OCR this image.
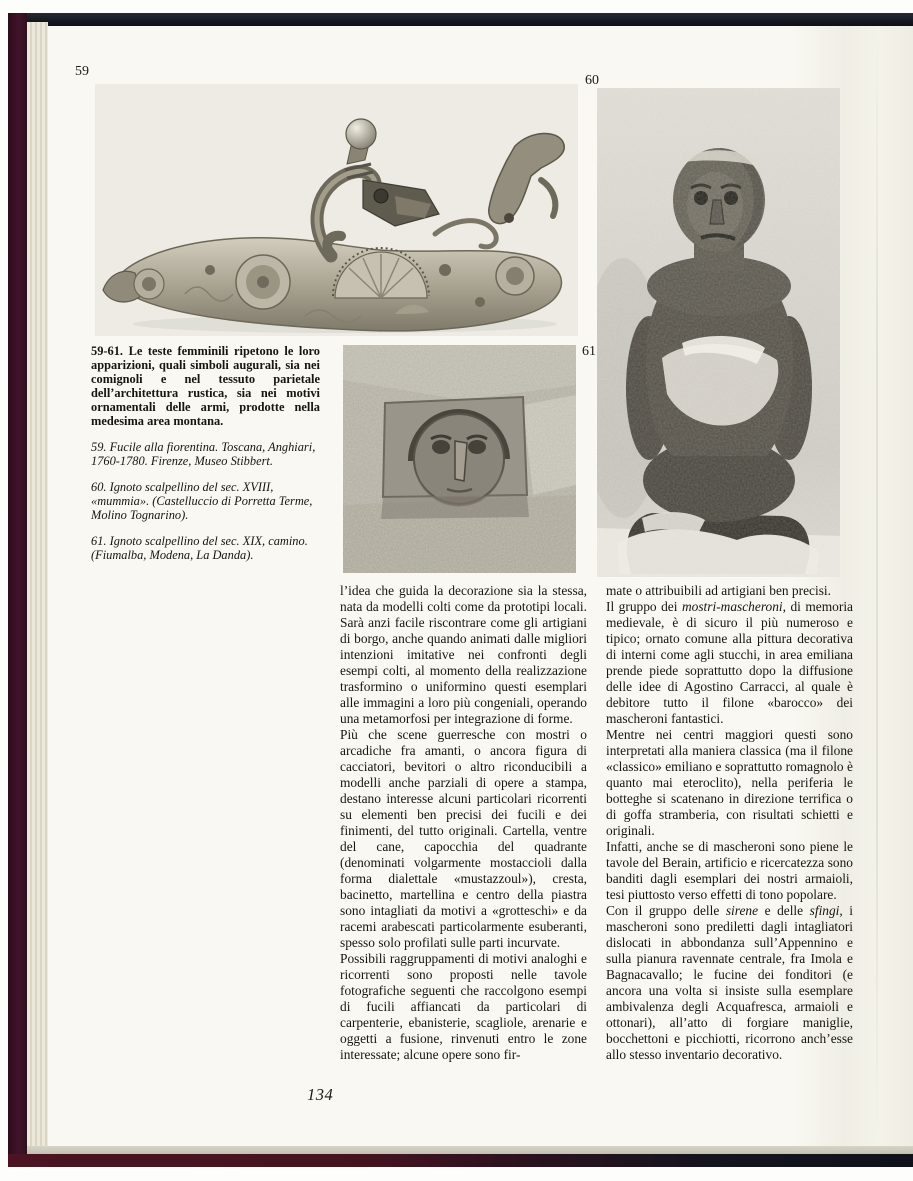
59
60
61

59-61. Le teste femminili ripetono le loro apparizioni, quali simboli augurali, sia nei comignoli e nel tessuto parietale dell’architettura rustica, sia nei motivi ornamentali delle armi, prodotte nella medesima area montana.

59. Fucile alla fiorentina. Toscana, Anghiari, 1760-1780. Firenze, Museo Stibbert.

60. Ignoto scalpellino del sec. XVIII, «mummia». (Castelluccio di Porretta Terme, Molino Tognarino).

61. Ignoto scalpellino del sec. XIX, camino. (Fiumalba, Modena, La Danda).

l’idea che guida la decorazione sia la stessa, nata da modelli colti come da prototipi locali. Sarà anzi facile riscontrare come gli artigiani di borgo, anche quando animati dalle migliori intenzioni imitative nei confronti degli esempi colti, al momento della realizzazione trasformino o uniformino questi esemplari alle immagini a loro più congeniali, operando una metamorfosi per integrazione di forme.

Più che scene guerresche con mostri o arcadiche fra amanti, o ancora figura di cacciatori, bevitori o altro riconducibili a modelli anche parziali di opere a stampa, destano interesse alcuni particolari ricorrenti su elementi ben precisi dei fucili e dei finimenti, del tutto originali. Cartella, ventre del cane, capocchia del quadrante (denominati volgarmente mostaccioli dalla forma dialettale «mustazzoul»), cresta, bacinetto, martellina e centro della piastra sono intagliati da motivi a «grotteschi» e da racemi arabescati particolarmente esuberanti, spesso solo profilati sulle parti incurvate.

Possibili raggruppamenti di motivi analoghi e ricorrenti sono proposti nelle tavole fotografiche seguenti che raccolgono esempi di fucili affiancati da particolari di carpenterie, ebanisterie, scagliole, arenarie e oggetti a fusione, rinvenuti entro le zone interessate; alcune opere sono fir-

mate o attribuibili ad artigiani ben precisi.

Il gruppo dei mostri-mascheroni, di memoria medievale, è di sicuro il più numeroso e tipico; ornato comune alla pittura decorativa di interni come agli stucchi, in area emiliana prende piede soprattutto dopo la diffusione delle idee di Agostino Carracci, al quale è debitore tutto il filone «barocco» dei mascheroni fantastici.

Mentre nei centri maggiori questi sono interpretati alla maniera classica (ma il filone «classico» emiliano e soprattutto romagnolo è quanto mai eteroclito), nella periferia le botteghe si scatenano in direzione terrifica o di goffa stramberia, con risultati schietti e originali.

Infatti, anche se di mascheroni sono piene le tavole del Berain, artificio e ricercatezza sono banditi dagli esemplari dei nostri armaioli, tesi piuttosto verso effetti di tono popolare.

Con il gruppo delle sirene e delle sfingi, i mascheroni sono prediletti dagli intagliatori dislocati in abbondanza sull’Appennino e sulla pianura ravennate centrale, fra Imola e Bagnacavallo; le fucine dei fonditori (e ancora una volta si insiste sulla esemplare ambivalenza degli Acquafresca, armaioli e ottonari), all’atto di forgiare maniglie, bocchettoni e picchiotti, ricorrono anch’esse allo stesso inventario decorativo.

134
